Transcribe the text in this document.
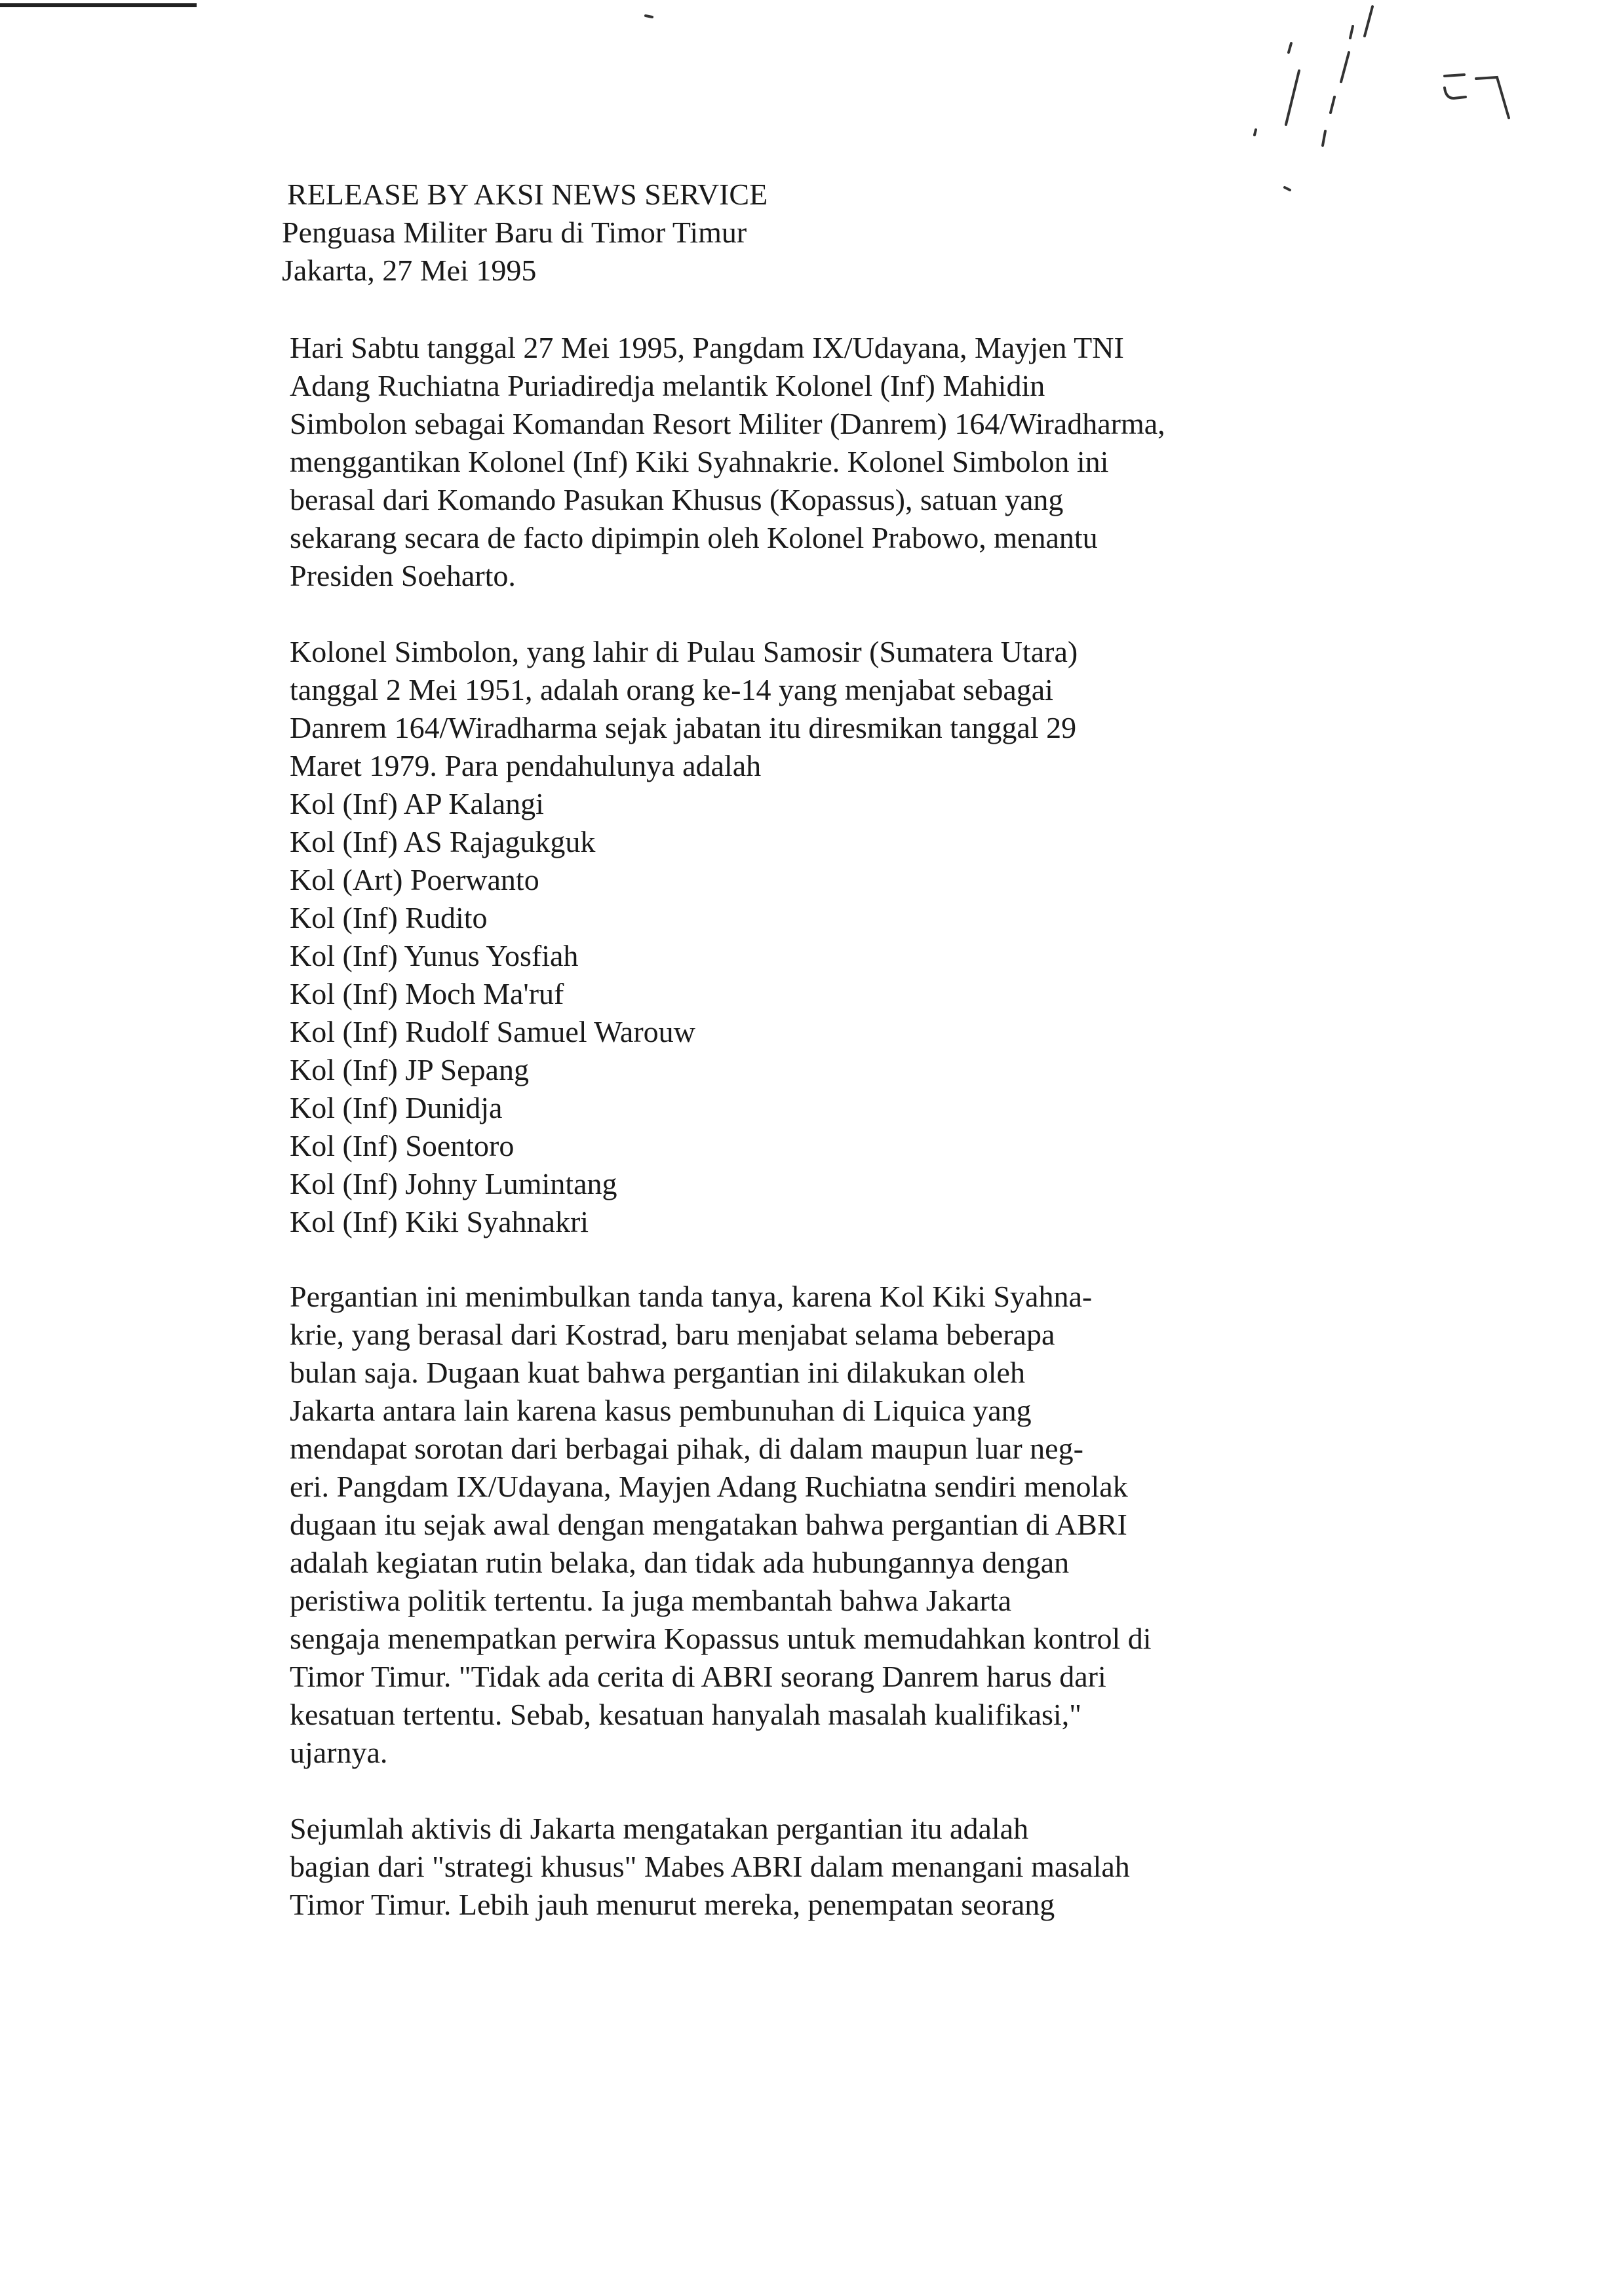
RELEASE BY AKSI NEWS SERVICE
Penguasa Militer Baru di Timor Timur
Jakarta, 27 Mei 1995
Hari Sabtu tanggal 27 Mei 1995, Pangdam IX/Udayana, Mayjen TNI
Adang Ruchiatna Puriadiredja melantik Kolonel (Inf) Mahidin
Simbolon sebagai Komandan Resort Militer (Danrem) 164/Wiradharma,
menggantikan Kolonel (Inf) Kiki Syahnakrie. Kolonel Simbolon ini
berasal dari Komando Pasukan Khusus (Kopassus), satuan yang
sekarang secara de facto dipimpin oleh Kolonel Prabowo, menantu
Presiden Soeharto.
Kolonel Simbolon, yang lahir di Pulau Samosir (Sumatera Utara)
tanggal 2 Mei 1951, adalah orang ke-14 yang menjabat sebagai
Danrem 164/Wiradharma sejak jabatan itu diresmikan tanggal 29
Maret 1979. Para pendahulunya adalah
Kol (Inf) AP Kalangi
Kol (Inf) AS Rajagukguk
Kol (Art) Poerwanto
Kol (Inf) Rudito
Kol (Inf) Yunus Yosfiah
Kol (Inf) Moch Ma'ruf
Kol (Inf) Rudolf Samuel Warouw
Kol (Inf) JP Sepang
Kol (Inf) Dunidja
Kol (Inf) Soentoro
Kol (Inf) Johny Lumintang
Kol (Inf) Kiki Syahnakri
Pergantian ini menimbulkan tanda tanya, karena Kol Kiki Syahna-
krie, yang berasal dari Kostrad, baru menjabat selama beberapa
bulan saja. Dugaan kuat bahwa pergantian ini dilakukan oleh
Jakarta antara lain karena kasus pembunuhan di Liquica yang
mendapat sorotan dari berbagai pihak, di dalam maupun luar neg-
eri. Pangdam IX/Udayana, Mayjen Adang Ruchiatna sendiri menolak
dugaan itu sejak awal dengan mengatakan bahwa pergantian di ABRI
adalah kegiatan rutin belaka, dan tidak ada hubungannya dengan
peristiwa politik tertentu. Ia juga membantah bahwa Jakarta
sengaja menempatkan perwira Kopassus untuk memudahkan kontrol di
Timor Timur. "Tidak ada cerita di ABRI seorang Danrem harus dari
kesatuan tertentu. Sebab, kesatuan hanyalah masalah kualifikasi,"
ujarnya.
Sejumlah aktivis di Jakarta mengatakan pergantian itu adalah
bagian dari "strategi khusus" Mabes ABRI dalam menangani masalah
Timor Timur. Lebih jauh menurut mereka, penempatan seorang
